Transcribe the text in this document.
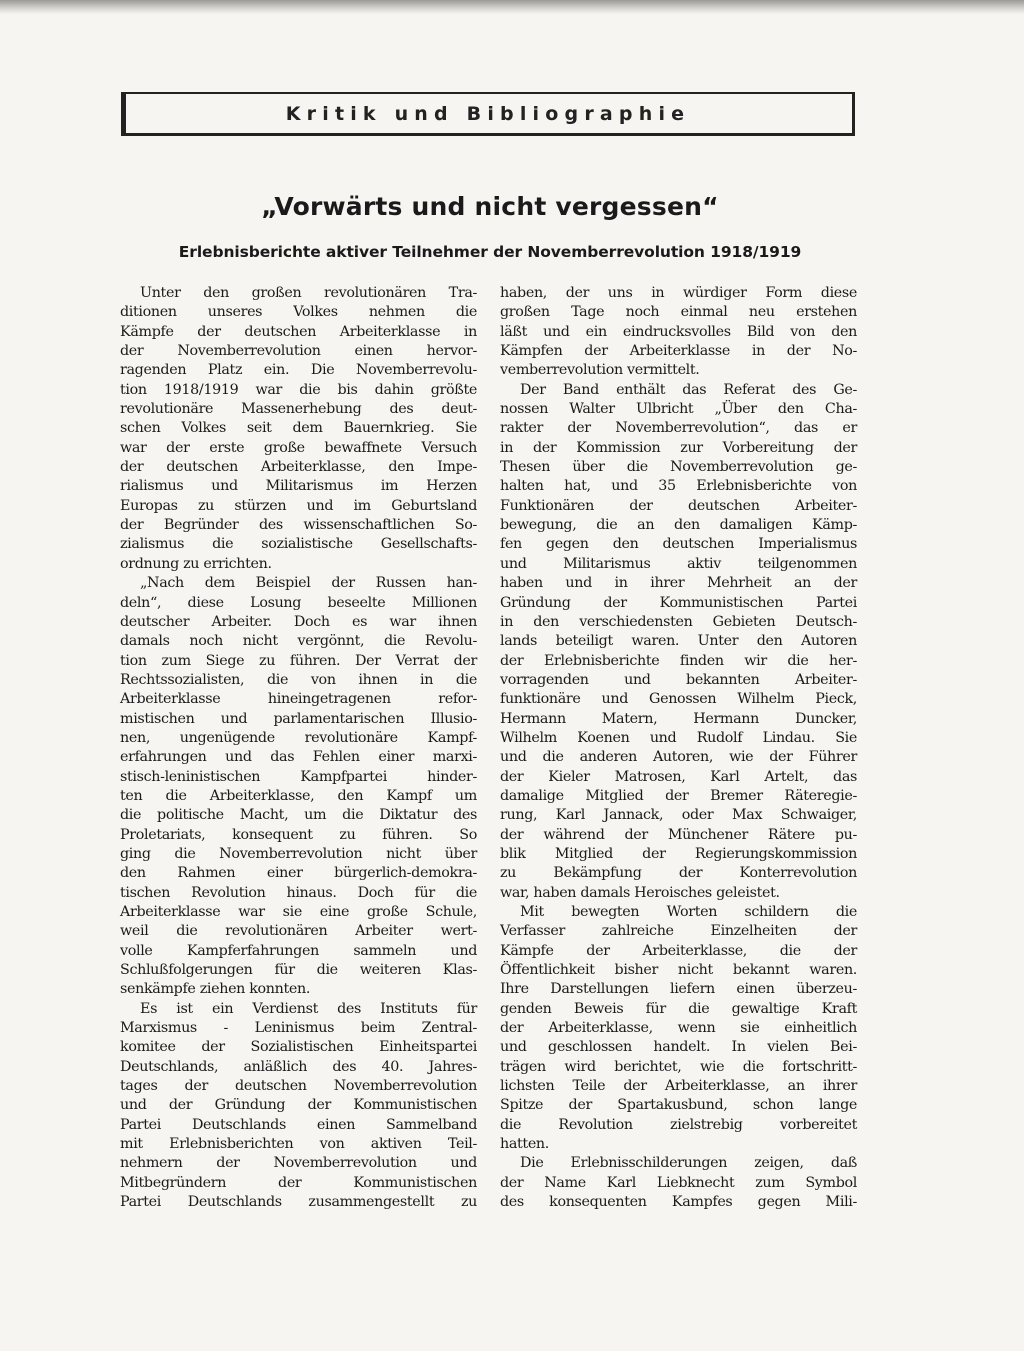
Kritik und Bibliographie
„Vorwärts und nicht vergessen“
Erlebnisberichte aktiver Teilnehmer der Novemberrevolution 1918/1919

Unter den großen revolutionären Tra-
ditionen unseres Volkes nehmen die
Kämpfe der deutschen Arbeiterklasse in
der Novemberrevolution einen hervor-
ragenden Platz ein. Die Novemberrevolu-
tion 1918/1919 war die bis dahin größte
revolutionäre Massenerhebung des deut-
schen Volkes seit dem Bauernkrieg. Sie
war der erste große bewaffnete Versuch
der deutschen Arbeiterklasse, den Impe-
rialismus und Militarismus im Herzen
Europas zu stürzen und im Geburtsland
der Begründer des wissenschaftlichen So-
zialismus die sozialistische Gesellschafts-
ordnung zu errichten.

„Nach dem Beispiel der Russen han-
deln“, diese Losung beseelte Millionen
deutscher Arbeiter. Doch es war ihnen
damals noch nicht vergönnt, die Revolu-
tion zum Siege zu führen. Der Verrat der
Rechtssozialisten, die von ihnen in die
Arbeiterklasse hineingetragenen refor-
mistischen und parlamentarischen Illusio-
nen, ungenügende revolutionäre Kampf-
erfahrungen und das Fehlen einer marxi-
stisch-leninistischen Kampfpartei hinder-
ten die Arbeiterklasse, den Kampf um
die politische Macht, um die Diktatur des
Proletariats, konsequent zu führen. So
ging die Novemberrevolution nicht über
den Rahmen einer bürgerlich-demokra-
tischen Revolution hinaus. Doch für die
Arbeiterklasse war sie eine große Schule,
weil die revolutionären Arbeiter wert-
volle Kampferfahrungen sammeln und
Schlußfolgerungen für die weiteren Klas-
senkämpfe ziehen konnten.

Es ist ein Verdienst des Instituts für
Marxismus - Leninismus beim Zentral-
komitee der Sozialistischen Einheitspartei
Deutschlands, anläßlich des 40. Jahres-
tages der deutschen Novemberrevolution
und der Gründung der Kommunistischen
Partei Deutschlands einen Sammelband
mit Erlebnisberichten von aktiven Teil-
nehmern der Novemberrevolution und
Mitbegründern der Kommunistischen
Partei Deutschlands zusammengestellt zu

haben, der uns in würdiger Form diese
großen Tage noch einmal neu erstehen
läßt und ein eindrucksvolles Bild von den
Kämpfen der Arbeiterklasse in der No-
vemberrevolution vermittelt.

Der Band enthält das Referat des Ge-
nossen Walter Ulbricht „Über den Cha-
rakter der Novemberrevolution“, das er
in der Kommission zur Vorbereitung der
Thesen über die Novemberrevolution ge-
halten hat, und 35 Erlebnisberichte von
Funktionären der deutschen Arbeiter-
bewegung, die an den damaligen Kämp-
fen gegen den deutschen Imperialismus
und Militarismus aktiv teilgenommen
haben und in ihrer Mehrheit an der
Gründung der Kommunistischen Partei
in den verschiedensten Gebieten Deutsch-
lands beteiligt waren. Unter den Autoren
der Erlebnisberichte finden wir die her-
vorragenden und bekannten Arbeiter-
funktionäre und Genossen Wilhelm Pieck,
Hermann Matern, Hermann Duncker,
Wilhelm Koenen und Rudolf Lindau. Sie
und die anderen Autoren, wie der Führer
der Kieler Matrosen, Karl Artelt, das
damalige Mitglied der Bremer Räteregie-
rung, Karl Jannack, oder Max Schwaiger,
der während der Münchener Rätere pu-
blik Mitglied der Regierungskommission
zu Bekämpfung der Konterrevolution
war, haben damals Heroisches geleistet.

Mit bewegten Worten schildern die
Verfasser zahlreiche Einzelheiten der
Kämpfe der Arbeiterklasse, die der
Öffentlichkeit bisher nicht bekannt waren.
Ihre Darstellungen liefern einen überzeu-
genden Beweis für die gewaltige Kraft
der Arbeiterklasse, wenn sie einheitlich
und geschlossen handelt. In vielen Bei-
trägen wird berichtet, wie die fortschritt-
lichsten Teile der Arbeiterklasse, an ihrer
Spitze der Spartakusbund, schon lange
die Revolution zielstrebig vorbereitet
hatten.

Die Erlebnisschilderungen zeigen, daß
der Name Karl Liebknecht zum Symbol
des konsequenten Kampfes gegen Mili-
